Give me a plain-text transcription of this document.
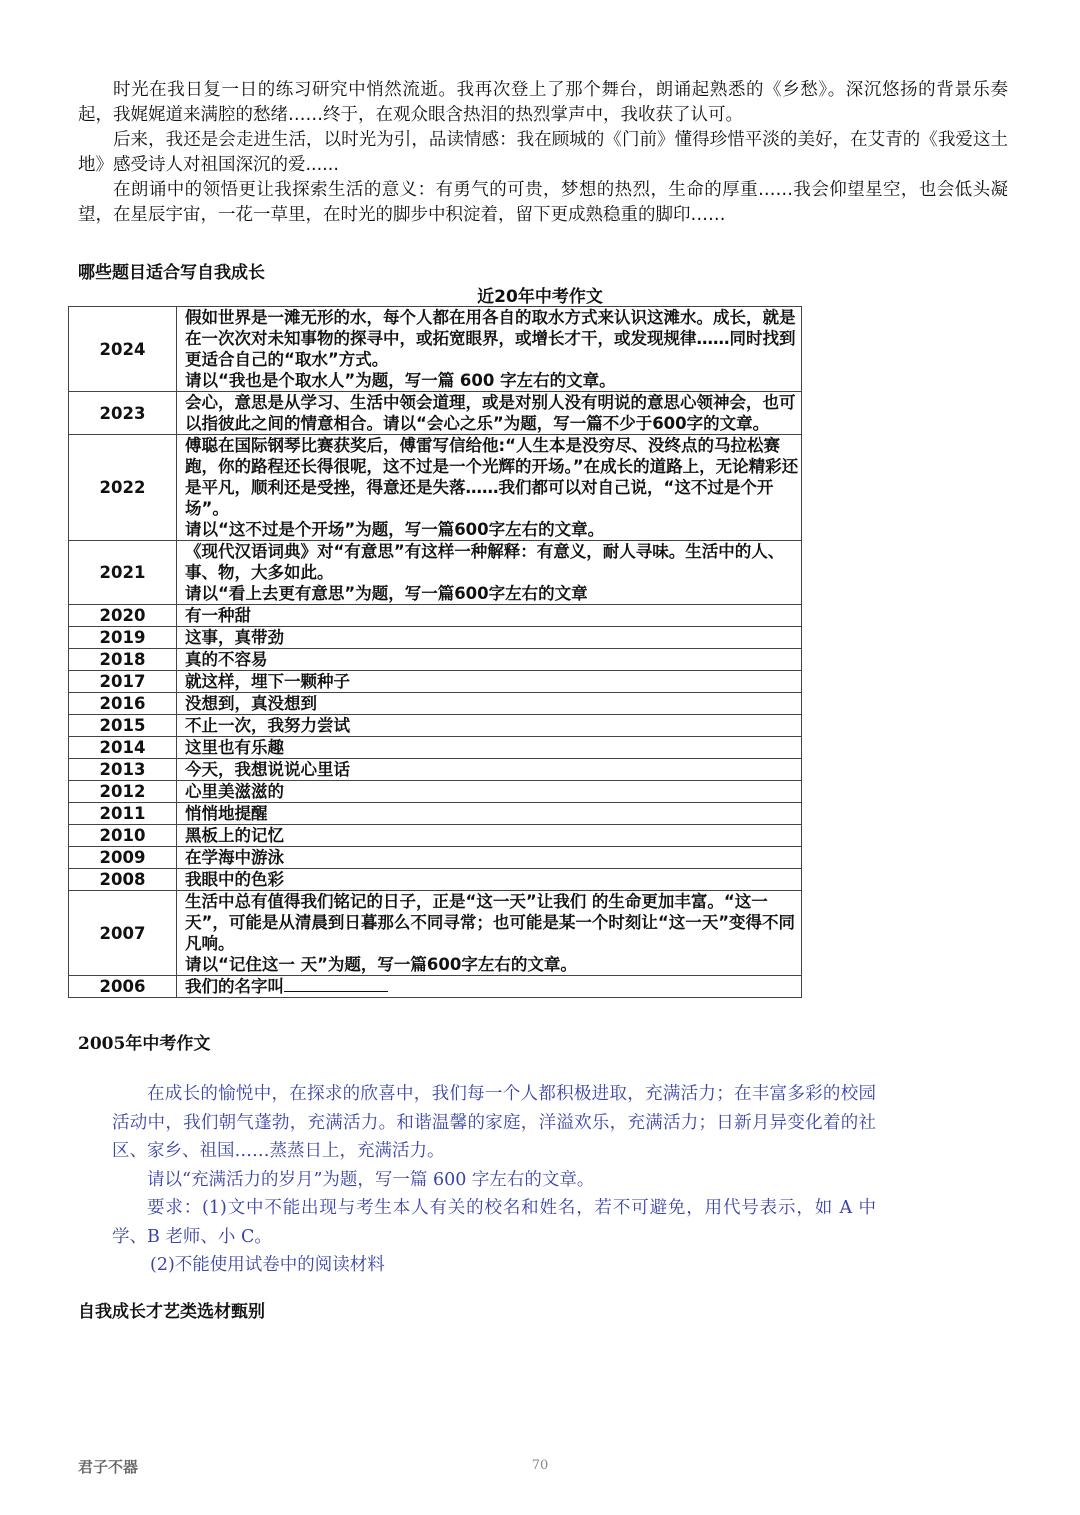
时光在我日复一日的练习研究中悄然流逝。我再次登上了那个舞台，朗诵起熟悉的《乡愁》。深沉悠扬的背景乐奏起，我娓娓道来满腔的愁绪……终于，在观众眼含热泪的热烈掌声中，我收获了认可。

后来，我还是会走进生活，以时光为引，品读情感：我在顾城的《门前》懂得珍惜平淡的美好，在艾青的《我爱这土地》感受诗人对祖国深沉的爱......

在朗诵中的领悟更让我探索生活的意义：有勇气的可贵，梦想的热烈，生命的厚重……我会仰望星空，也会低头凝望，在星辰宇宙，一花一草里，在时光的脚步中积淀着，留下更成熟稳重的脚印……

哪些题目适合写自我成长
近20年中考作文
2024	假如世界是一滩无形的水，每个人都在用各自的取水方式来认识这滩水。成长，就是在一次次对未知事物的探寻中，或拓宽眼界，或增长才干，或发现规律……同时找到更适合自己的“取水”方式。

请以“我也是个取水人”为题，写一篇 600 字左右的文章。

2023	会心，意思是从学习、生活中领会道理，或是对别人没有明说的意思心领神会，也可以指彼此之间的情意相合。请以“会心之乐”为题，写一篇不少于600字的文章。

2022	傅聪在国际钢琴比赛获奖后，傅雷写信给他:“人生本是没穷尽、没终点的马拉松赛跑，你的路程还长得很呢，这不过是一个光辉的开场。”在成长的道路上，无论精彩还是平凡，顺利还是受挫，得意还是失落……我们都可以对自己说，“这不过是个开场”。

请以“这不过是个开场”为题，写一篇600字左右的文章。

2021	《现代汉语词典》对“有意思”有这样一种解释：有意义，耐人寻味。生活中的人、事、物，大多如此。

请以“看上去更有意思”为题，写一篇600字左右的文章

2020	有一种甜

2019	这事，真带劲

2018	真的不容易

2017	就这样，埋下一颗种子

2016	没想到，真没想到

2015	不止一次，我努力尝试

2014	这里也有乐趣

2013	今天，我想说说心里话

2012	心里美滋滋的

2011	悄悄地提醒

2010	黑板上的记忆

2009	在学海中游泳

2008	我眼中的色彩

2007	生活中总有值得我们铭记的日子，正是“这一天”让我们 的生命更加丰富。“这一天”，可能是从清晨到日暮那么不同寻常；也可能是某一个时刻让“这一天”变得不同凡响。

请以“记住这一 天”为题，写一篇600字左右的文章。

2006	我们的名字叫

2005年中考作文

在成长的愉悦中，在探求的欣喜中，我们每一个人都积极进取，充满活力；在丰富多彩的校园活动中，我们朝气蓬勃，充满活力。和谐温馨的家庭，洋溢欢乐，充满活力；日新月异变化着的社区、家乡、祖国……蒸蒸日上，充满活力。

请以“充满活力的岁月”为题，写一篇 600 字左右的文章。

要求：(1)文中不能出现与考生本人有关的校名和姓名，若不可避免，用代号表示，如 A 中学、B 老师、小 C。

(2)不能使用试卷中的阅读材料

自我成长才艺类选材甄别
君子不器	70
